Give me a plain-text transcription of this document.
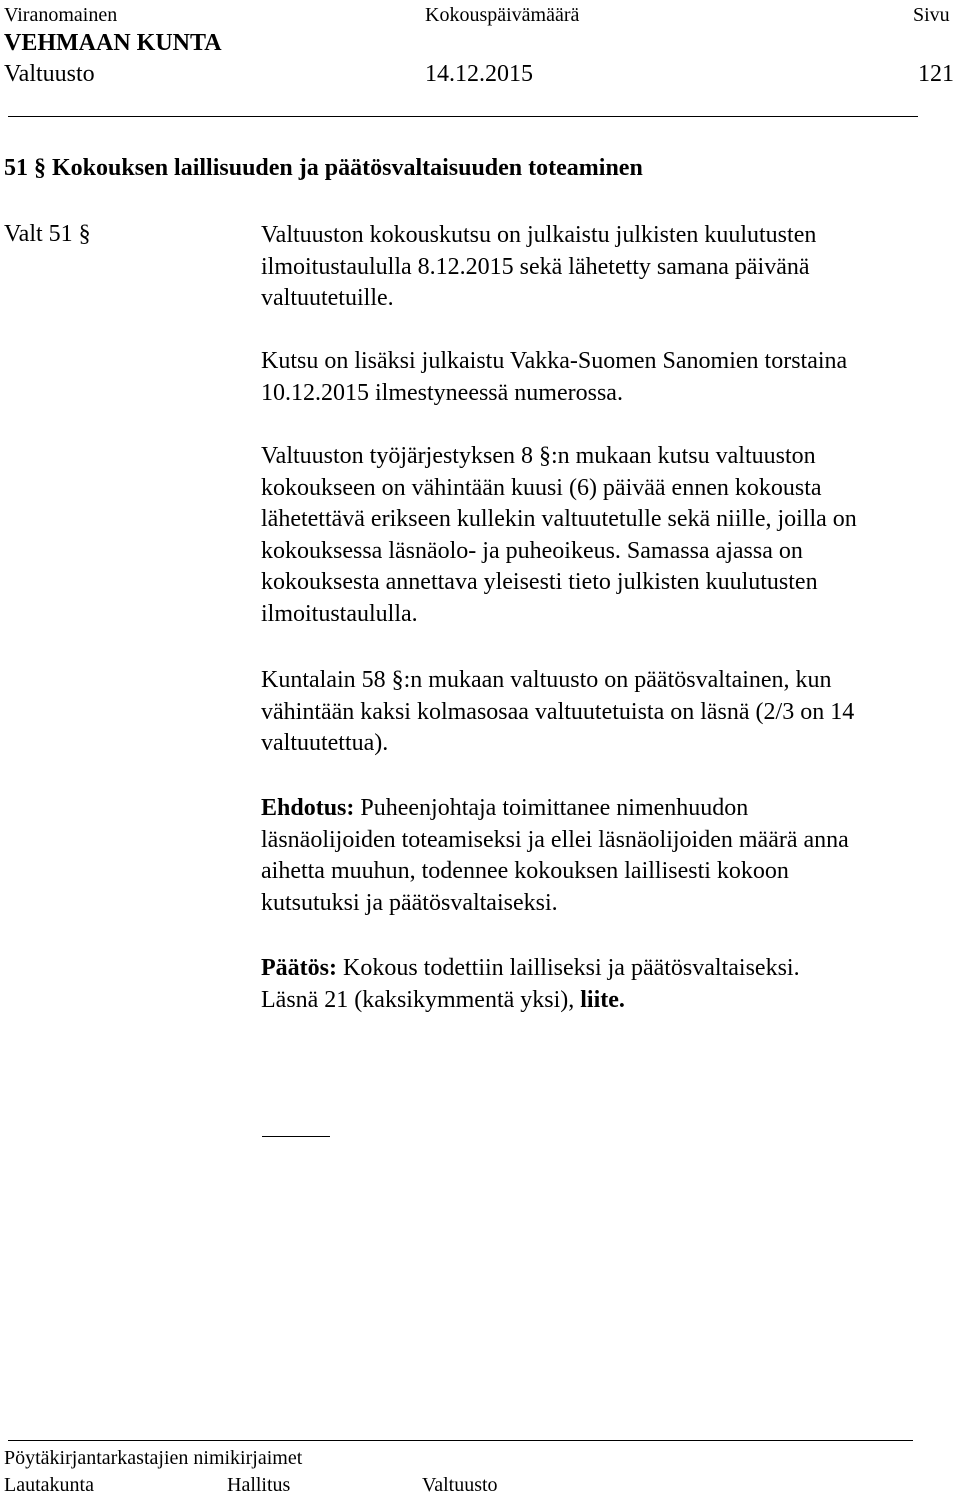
Viranomainen	Kokouspäivämäärä	Sivu
VEHMAAN KUNTA
Valtuusto	14.12.2015	121
51 § Kokouksen laillisuuden ja päätösvaltaisuuden toteaminen
Valt 51 §	Valtuuston kokouskutsu on julkaistu julkisten kuulutusten
ilmoitustaululla 8.12.2015 sekä lähetetty samana päivänä
valtuutetuille.
Kutsu on lisäksi julkaistu Vakka-Suomen Sanomien torstaina
10.12.2015 ilmestyneessä numerossa.
Valtuuston työjärjestyksen 8 §:n mukaan kutsu valtuuston
kokoukseen on vähintään kuusi (6) päivää ennen kokousta
lähetettävä erikseen kullekin valtuutetulle sekä niille, joilla on
kokouksessa läsnäolo- ja puheoikeus. Samassa ajassa on
kokouksesta annettava yleisesti tieto julkisten kuulutusten
ilmoitustaululla.
Kuntalain 58 §:n mukaan valtuusto on päätösvaltainen, kun
vähintään kaksi kolmasosaa valtuutetuista on läsnä (2/3 on 14
valtuutettua).
Ehdotus: Puheenjohtaja toimittanee nimenhuudon
läsnäolijoiden toteamiseksi ja ellei läsnäolijoiden määrä anna
aihetta muuhun, todennee kokouksen laillisesti kokoon
kutsutuksi ja päätösvaltaiseksi.
Päätös: Kokous todettiin lailliseksi ja päätösvaltaiseksi.
Läsnä 21 (kaksikymmentä yksi), liite.
Pöytäkirjantarkastajien nimikirjaimet
Lautakunta	Hallitus	Valtuusto
